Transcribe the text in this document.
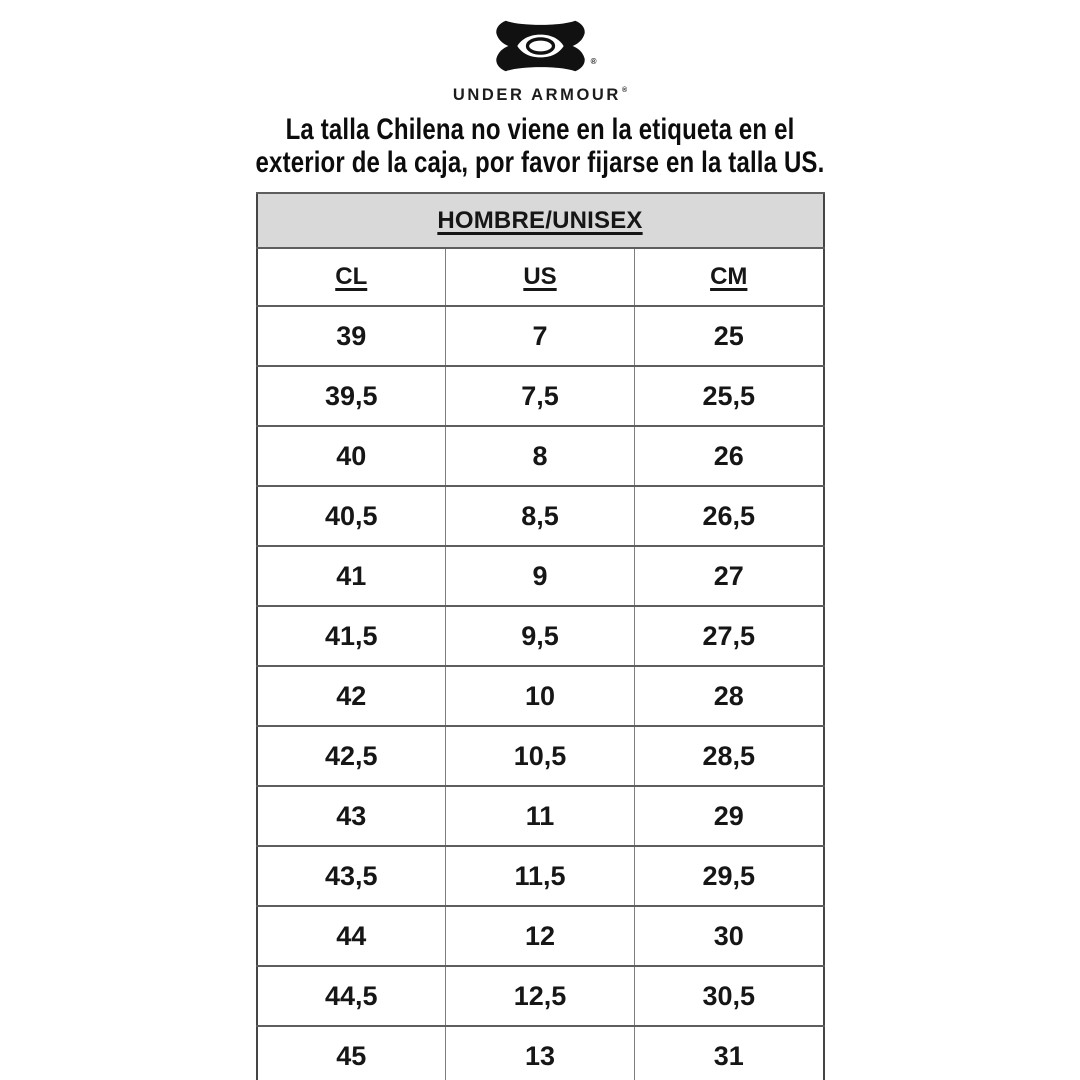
®
UNDER ARMOUR®

La talla Chilena no viene en la etiqueta en el
exterior de la caja, por favor fijarse en la talla US.

HOMBRE/UNISEX		
CL	US	CM
39	7	25
39,5	7,5	25,5
40	8	26
40,5	8,5	26,5
41	9	27
41,5	9,5	27,5
42	10	28
42,5	10,5	28,5
43	11	29
43,5	11,5	29,5
44	12	30
44,5	12,5	30,5
45	13	31
